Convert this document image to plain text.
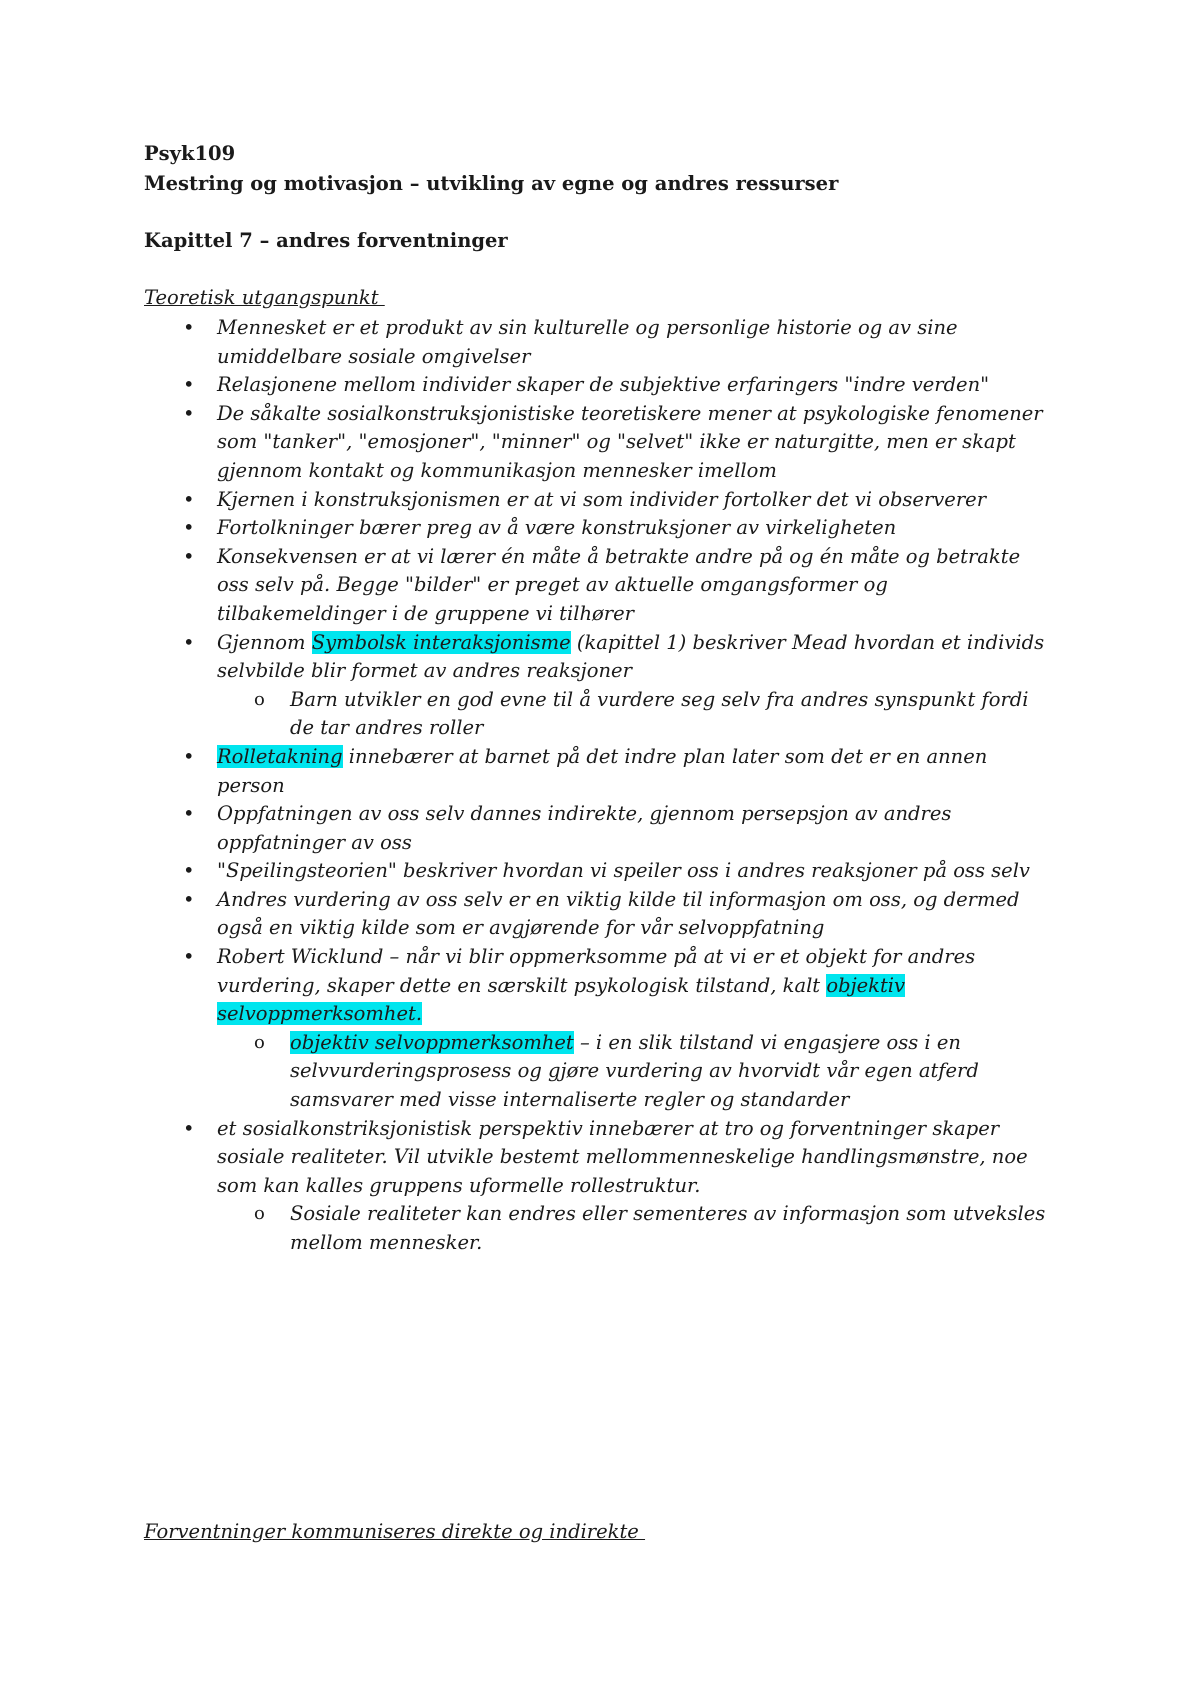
Psyk109

Mestring og motivasjon – utvikling av egne og andres ressurser

Kapittel 7 – andres forventninger

Teoretisk utgangspunkt

• Mennesket er et produkt av sin kulturelle og personlige historie og av sine umiddelbare sosiale omgivelser
• Relasjonene mellom individer skaper de subjektive erfaringers "indre verden"
• De såkalte sosialkonstruksjonistiske teoretiskere mener at psykologiske fenomener som "tanker", "emosjoner", "minner" og "selvet" ikke er naturgitte, men er skapt gjennom kontakt og kommunikasjon mennesker imellom
• Kjernen i konstruksjonismen er at vi som individer fortolker det vi observerer
• Fortolkninger bærer preg av å være konstruksjoner av virkeligheten
• Konsekvensen er at vi lærer én måte å betrakte andre på og én måte og betrakte oss selv på. Begge "bilder" er preget av aktuelle omgangsformer og tilbakemeldinger i de gruppene vi tilhører
• Gjennom Symbolsk interaksjonisme (kapittel 1) beskriver Mead hvordan et individs selvbilde blir formet av andres reaksjoner
o Barn utvikler en god evne til å vurdere seg selv fra andres synspunkt fordi de tar andres roller
• Rolletakning innebærer at barnet på det indre plan later som det er en annen person
• Oppfatningen av oss selv dannes indirekte, gjennom persepsjon av andres oppfatninger av oss
• "Speilingsteorien" beskriver hvordan vi speiler oss i andres reaksjoner på oss selv
• Andres vurdering av oss selv er en viktig kilde til informasjon om oss, og dermed også en viktig kilde som er avgjørende for vår selvoppfatning
• Robert Wicklund – når vi blir oppmerksomme på at vi er et objekt for andres vurdering, skaper dette en særskilt psykologisk tilstand, kalt objektiv selvoppmerksomhet.
o objektiv selvoppmerksomhet – i en slik tilstand vi engasjere oss i en selvvurderingsprosess og gjøre vurdering av hvorvidt vår egen atferd samsvarer med visse internaliserte regler og standarder
• et sosialkonstriksjonistisk perspektiv innebærer at tro og forventninger skaper sosiale realiteter. Vil utvikle bestemt mellommenneskelige handlingsmønstre, noe som kan kalles gruppens uformelle rollestruktur.
o Sosiale realiteter kan endres eller sementeres av informasjon som utveksles mellom mennesker.

Forventninger kommuniseres direkte og indirekte
